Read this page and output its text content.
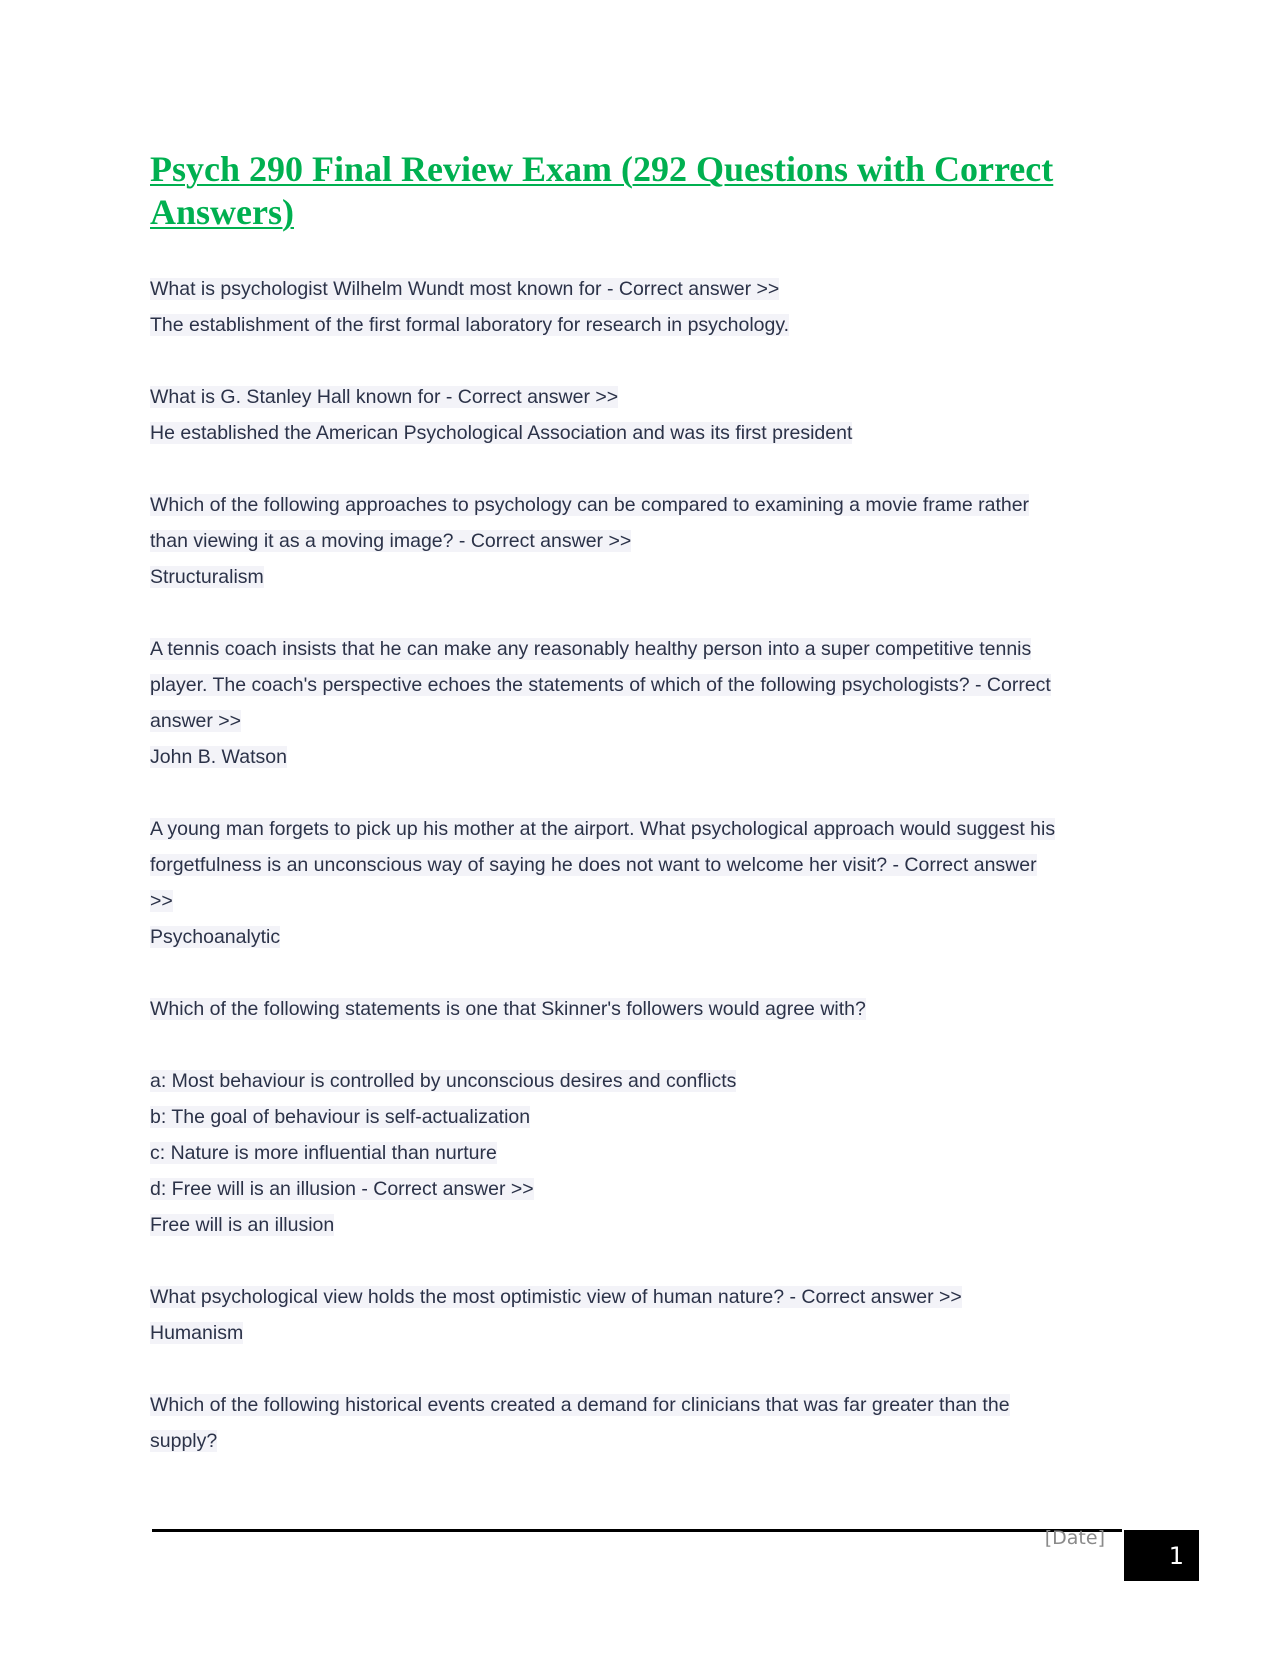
Psych 290 Final Review Exam (292 Questions with Correct Answers)
What is psychologist Wilhelm Wundt most known for - Correct answer >>
The establishment of the first formal laboratory for research in psychology.
What is G. Stanley Hall known for - Correct answer >>
He established the American Psychological Association and was its first president
Which of the following approaches to psychology can be compared to examining a movie frame rather
than viewing it as a moving image? - Correct answer >>
Structuralism
A tennis coach insists that he can make any reasonably healthy person into a super competitive tennis
player. The coach's perspective echoes the statements of which of the following psychologists? - Correct
answer >>
John B. Watson
A young man forgets to pick up his mother at the airport. What psychological approach would suggest his
forgetfulness is an unconscious way of saying he does not want to welcome her visit? - Correct answer
>>
Psychoanalytic
Which of the following statements is one that Skinner's followers would agree with?
a: Most behaviour is controlled by unconscious desires and conflicts
b: The goal of behaviour is self-actualization
c: Nature is more influential than nurture
d: Free will is an illusion - Correct answer >>
Free will is an illusion
What psychological view holds the most optimistic view of human nature? - Correct answer >>
Humanism
Which of the following historical events created a demand for clinicians that was far greater than the
supply?
[Date]
1
